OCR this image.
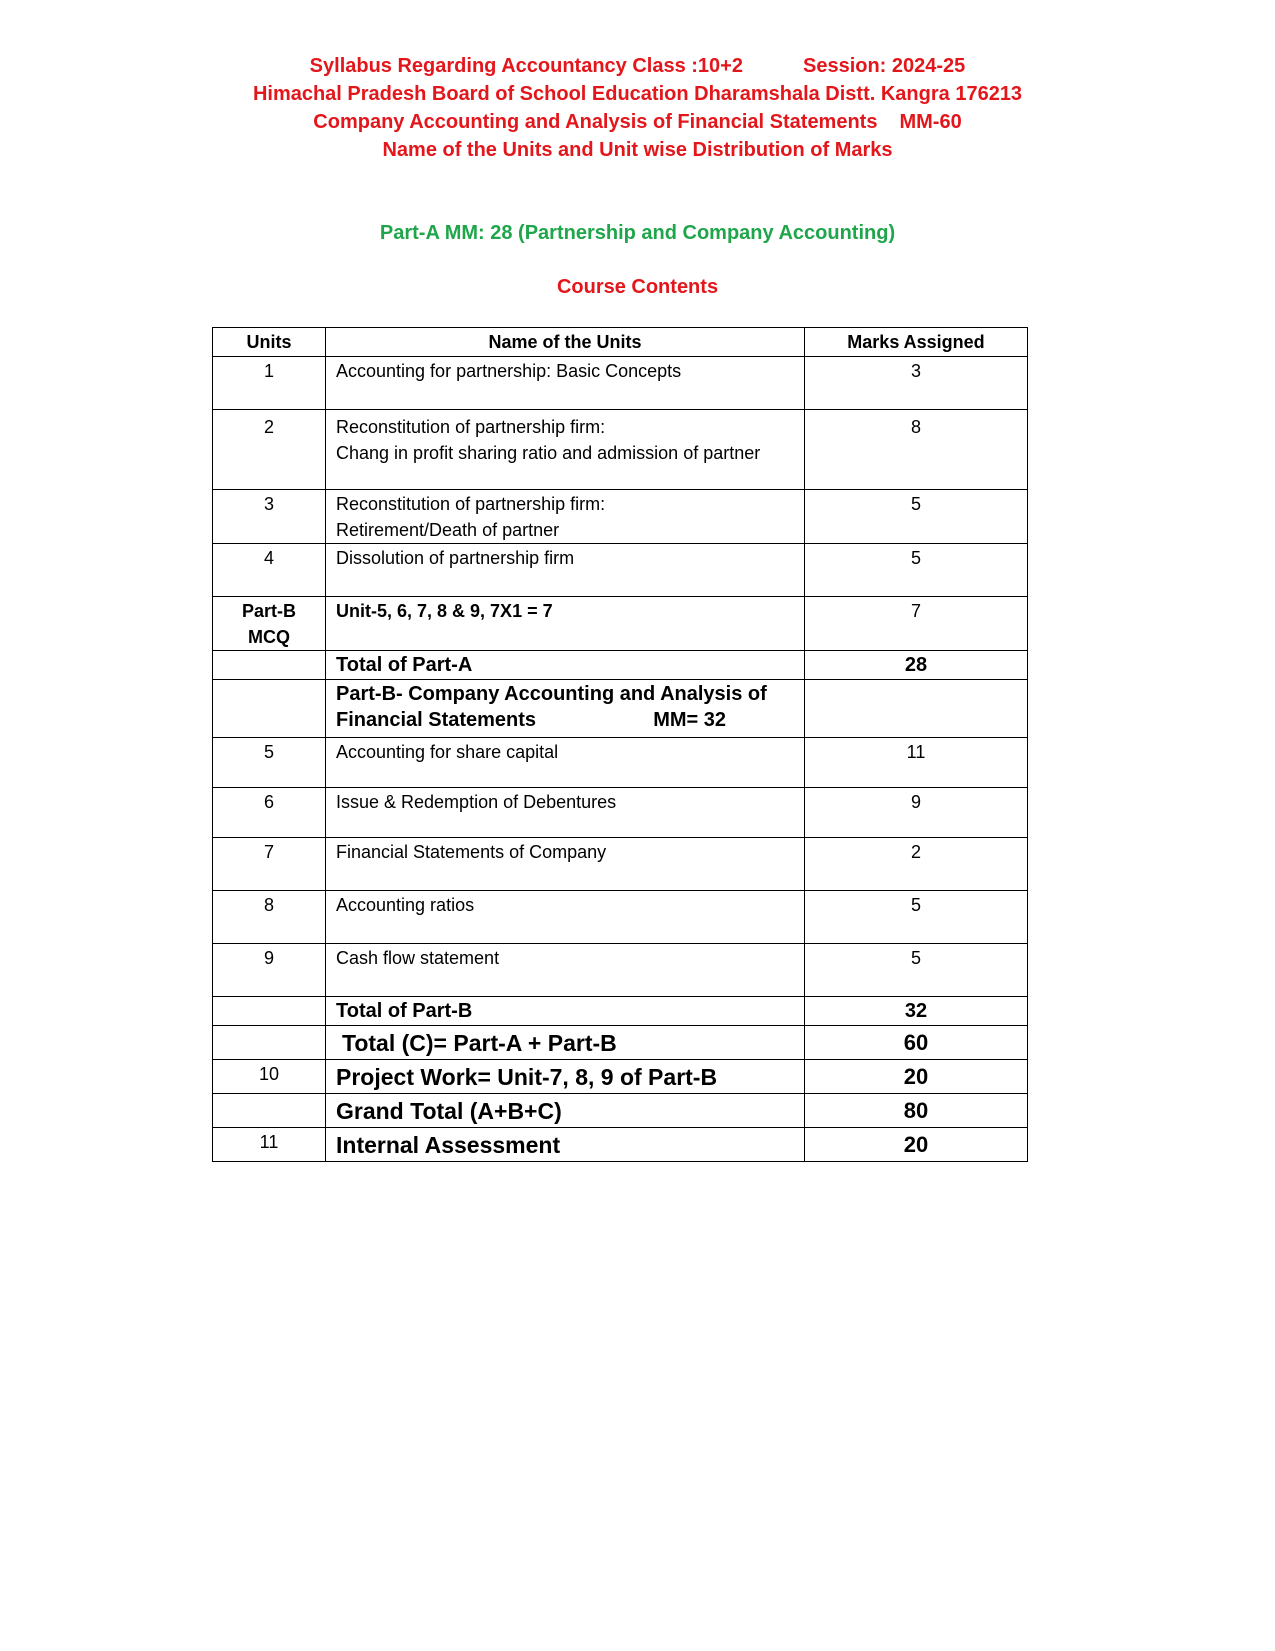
Syllabus Regarding Accountancy Class :10+2	Session: 2024-25
Himachal Pradesh Board of School Education Dharamshala Distt. Kangra 176213
Company Accounting and Analysis of Financial Statements MM-60
Name of the Units and Unit wise Distribution of Marks
Part-A MM: 28 (Partnership and Company Accounting)
Course Contents
Units	Name of the Units	Marks Assigned
1	Accounting for partnership: Basic Concepts	3
2	Reconstitution of partnership firm:
Chang in profit sharing ratio and admission of partner	8
3	Reconstitution of partnership firm:
Retirement/Death of partner	5
4	Dissolution of partnership firm	5

Part-B
MCQ	Unit-5, 6, 7, 8 & 9, 7X1 = 7	7
	Total of Part-A	28

	Part-B- Company Accounting and Analysis of
Financial Statements MM= 32	

5	Accounting for share capital	11
6	Issue & Redemption of Debentures	9
7	Financial Statements of Company	2
8	Accounting ratios	5
9	Cash flow statement	5
	Total of Part-B	32
	Total (C)= Part-A + Part-B	60
10	Project Work= Unit-7, 8, 9 of Part-B	20
	Grand Total (A+B+C)	80
11	Internal Assessment	20
